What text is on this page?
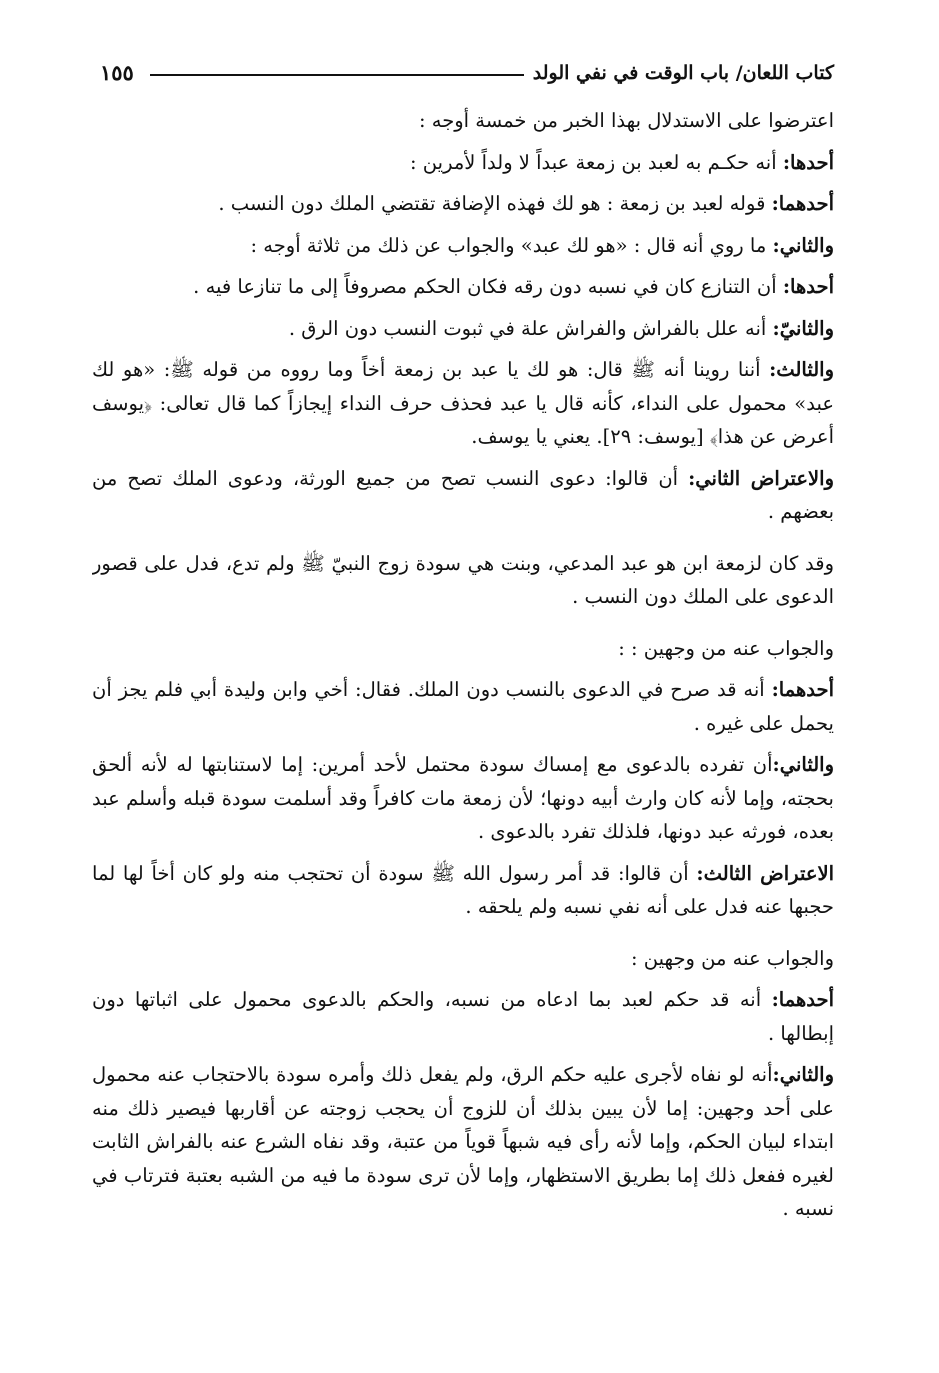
١٥٥	كتاب اللعان/ باب الوقت في نفي الولد

اعترضوا على الاستدلال بهذا الخبر من خمسة أوجه :

أحدها: أنه حكـم به لعبد بن زمعة عبداً لا ولداً لأمرين :

أحدهما: قوله لعبد بن زمعة : هو لك فهذه الإضافة تقتضي الملك دون النسب .

والثاني: ما روي أنه قال : «هو لك عبد» والجواب عن ذلك من ثلاثة أوجه :

أحدها: أن التنازع كان في نسبه دون رقه فكان الحكم مصروفاً إلى ما تنازعا فيه .

والثانيّ: أنه علل بالفراش والفراش علة في ثبوت النسب دون الرق .

والثالث: أننا روينا أنه ﷺ قال: هو لك يا عبد بن زمعة أخاً وما رووه من قوله ﷺ: «هو لك عبد» محمول على النداء، كأنه قال يا عبد فحذف حرف النداء إيجازاً كما قال تعالى: ﴿يوسف أعرض عن هذا﴾ [يوسف: ٢٩]. يعني يا يوسف.

والاعتراض الثاني: أن قالوا: دعوى النسب تصح من جميع الورثة، ودعوى الملك تصح من بعضهم .

وقد كان لزمعة ابن هو عبد المدعي، وبنت هي سودة زوج النبيّ ﷺ ولم تدع، فدل على قصور الدعوى على الملك دون النسب .

والجواب عنه من وجهين : :

أحدهما: أنه قد صرح في الدعوى بالنسب دون الملك. فقال: أخي وابن وليدة أبي فلم يجز أن يحمل على غيره .

والثاني:أن تفرده بالدعوى مع إمساك سودة محتمل لأحد أمرين: إما لاستنابتها له لأنه ألحق بحجته، وإما لأنه كان وارث أبيه دونها؛ لأن زمعة مات كافراً وقد أسلمت سودة قبله وأسلم عبد بعده، فورثه عبد دونها، فلذلك تفرد بالدعوى .

الاعتراض الثالث: أن قالوا: قد أمر رسول الله ﷺ سودة أن تحتجب منه ولو كان أخاً لها لما حجبها عنه فدل على أنه نفي نسبه ولم يلحقه .

والجواب عنه من وجهين :

أحدهما: أنه قد حكم لعبد بما ادعاه من نسبه، والحكم بالدعوى محمول على اثباتها دون إبطالها .

والثاني:أنه لو نفاه لأجرى عليه حكم الرق، ولم يفعل ذلك وأمره سودة بالاحتجاب عنه محمول على أحد وجهين: إما لأن يبين بذلك أن للزوج أن يحجب زوجته عن أقاربها فيصير ذلك منه ابتداء لبيان الحكم، وإما لأنه رأى فيه شبهاً قوياً من عتبة، وقد نفاه الشرع عنه بالفراش الثابت لغيره ففعل ذلك إما بطريق الاستظهار، وإما لأن ترى سودة ما فيه من الشبه بعتبة فترتاب في نسبه .
